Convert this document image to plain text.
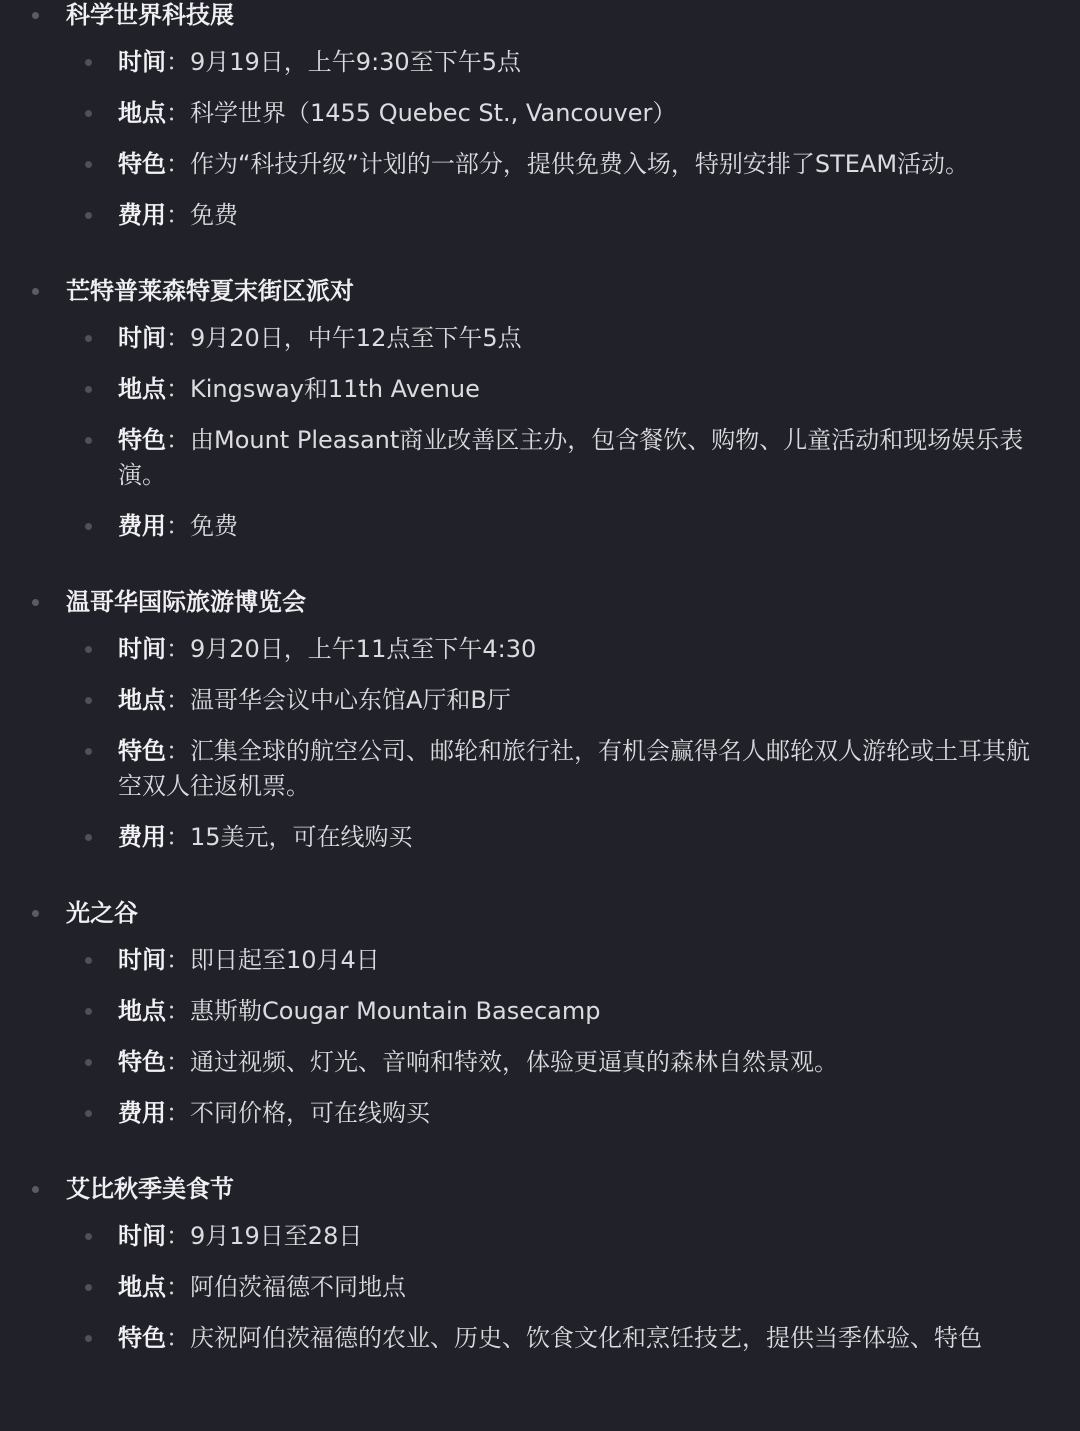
科学世界科技展
时间：9月19日，上午9:30至下午5点
地点：科学世界（1455 Quebec St., Vancouver）
特色：作为“科技升级”计划的一部分，提供免费入场，特别安排了STEAM活动。
费用：免费
芒特普莱森特夏末街区派对
时间：9月20日，中午12点至下午5点
地点：Kingsway和11th Avenue
特色：由Mount Pleasant商业改善区主办，包含餐饮、购物、儿童活动和现场娱乐表演。
费用：免费
温哥华国际旅游博览会
时间：9月20日，上午11点至下午4:30
地点：温哥华会议中心东馆A厅和B厅
特色：汇集全球的航空公司、邮轮和旅行社，有机会赢得名人邮轮双人游轮或土耳其航空双人往返机票。
费用：15美元，可在线购买
光之谷
时间：即日起至10月4日
地点：惠斯勒Cougar Mountain Basecamp
特色：通过视频、灯光、音响和特效，体验更逼真的森林自然景观。
费用：不同价格，可在线购买
艾比秋季美食节
时间：9月19日至28日
地点：阿伯茨福德不同地点
特色：庆祝阿伯茨福德的农业、历史、饮食文化和烹饪技艺，提供当季体验、特色
